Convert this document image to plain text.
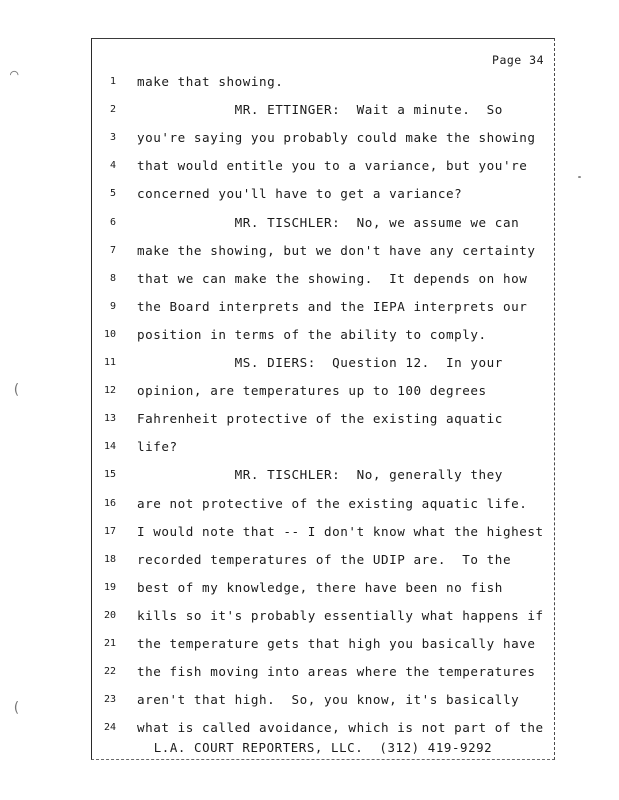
⌒
(
(
Page 34
1 make that showing.
2 MR. ETTINGER:  Wait a minute.  So
3 you're saying you probably could make the showing
4 that would entitle you to a variance, but you're
5 concerned you'll have to get a variance?
6 MR. TISCHLER:  No, we assume we can
7 make the showing, but we don't have any certainty
8 that we can make the showing.  It depends on how
9 the Board interprets and the IEPA interprets our
10 position in terms of the ability to comply.
11 MS. DIERS:  Question 12.  In your
12 opinion, are temperatures up to 100 degrees
13 Fahrenheit protective of the existing aquatic
14 life?
15 MR. TISCHLER:  No, generally they
16 are not protective of the existing aquatic life.
17 I would note that -- I don't know what the highest
18 recorded temperatures of the UDIP are.  To the
19 best of my knowledge, there have been no fish
20 kills so it's probably essentially what happens if
21 the temperature gets that high you basically have
22 the fish moving into areas where the temperatures
23 aren't that high.  So, you know, it's basically
24 what is called avoidance, which is not part of the
L.A. COURT REPORTERS, LLC.  (312) 419-9292
